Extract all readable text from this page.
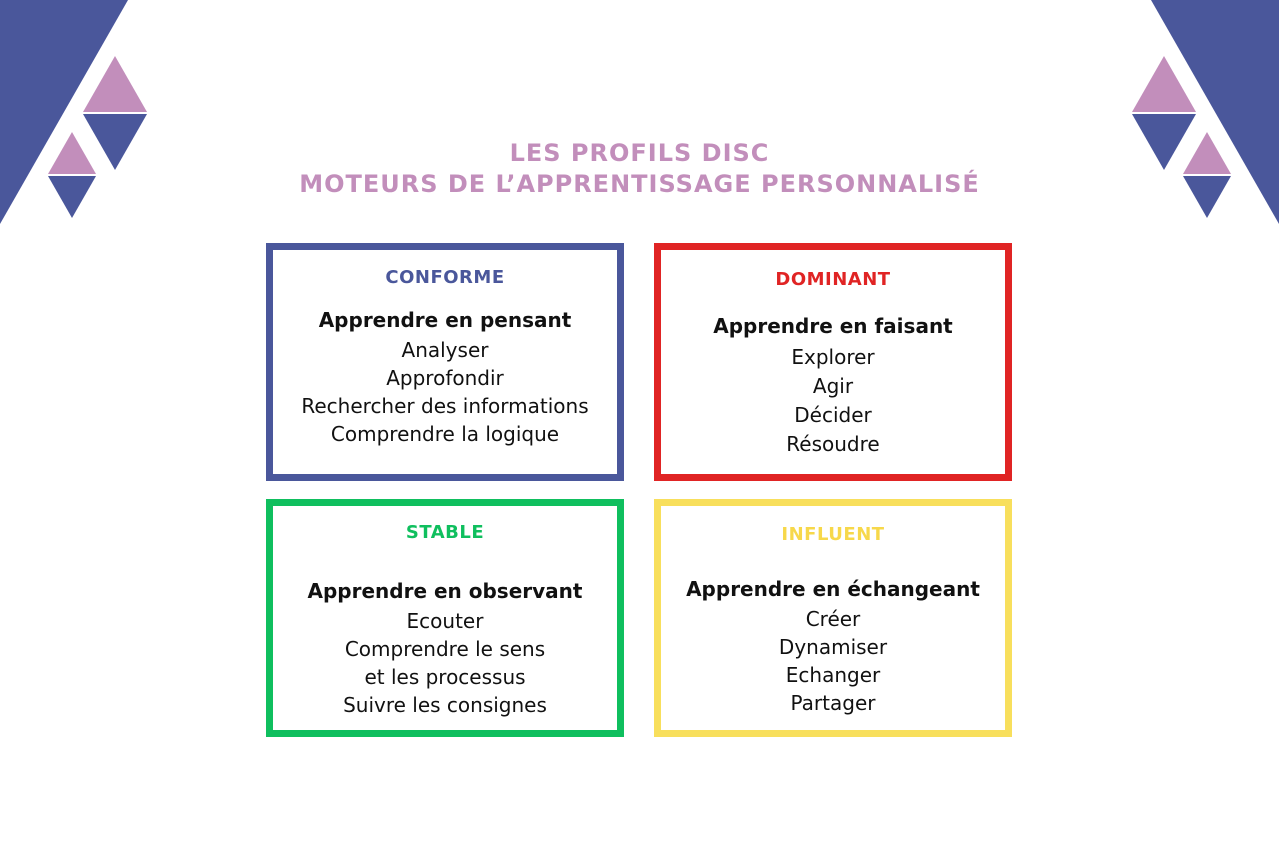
LES PROFILS DISC
MOTEURS DE L’APPRENTISSAGE PERSONNALISÉ
CONFORME
Apprendre en pensant
Analyser
Approfondir
Rechercher des informations
Comprendre la logique
DOMINANT
Apprendre en faisant
Explorer
Agir
Décider
Résoudre
STABLE
Apprendre en observant
Ecouter
Comprendre le sens
et les processus
Suivre les consignes
INFLUENT
Apprendre en échangeant
Créer
Dynamiser
Echanger
Partager
